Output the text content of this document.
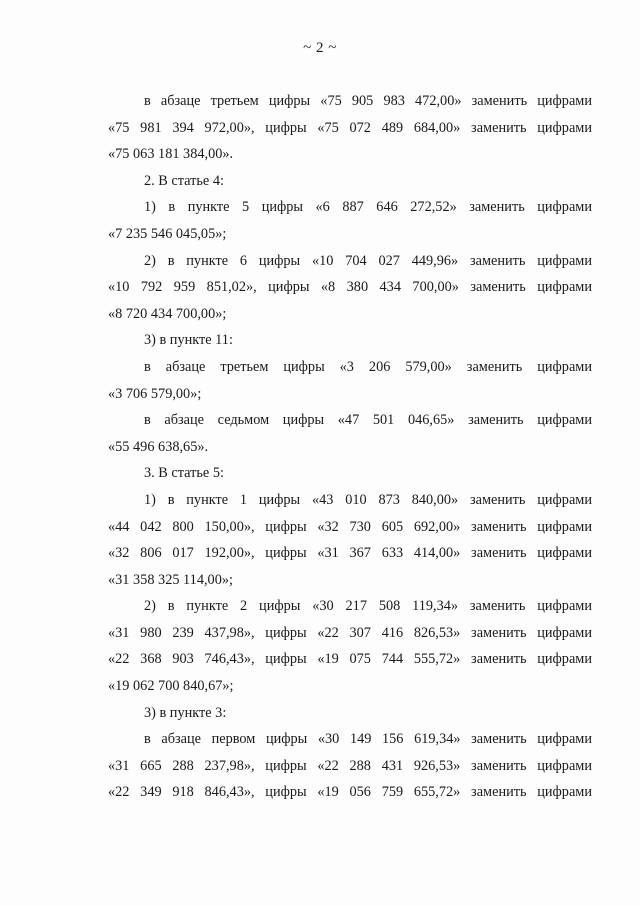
~ 2 ~
в абзаце третьем цифры «75 905 983 472,00» заменить цифрами
«75 981 394 972,00», цифры «75 072 489 684,00» заменить цифрами
«75 063 181 384,00».
2. В статье 4:
1) в пункте 5 цифры «6 887 646 272,52» заменить цифрами
«7 235 546 045,05»;
2) в пункте 6 цифры «10 704 027 449,96» заменить цифрами
«10 792 959 851,02», цифры «8 380 434 700,00» заменить цифрами
«8 720 434 700,00»;
3) в пункте 11:
в абзаце третьем цифры «3 206 579,00» заменить цифрами
«3 706 579,00»;
в абзаце седьмом цифры «47 501 046,65» заменить цифрами
«55 496 638,65».
3. В статье 5:
1) в пункте 1 цифры «43 010 873 840,00» заменить цифрами
«44 042 800 150,00», цифры «32 730 605 692,00» заменить цифрами
«32 806 017 192,00», цифры «31 367 633 414,00» заменить цифрами
«31 358 325 114,00»;
2) в пункте 2 цифры «30 217 508 119,34» заменить цифрами
«31 980 239 437,98», цифры «22 307 416 826,53» заменить цифрами
«22 368 903 746,43», цифры «19 075 744 555,72» заменить цифрами
«19 062 700 840,67»;
3) в пункте 3:
в абзаце первом цифры «30 149 156 619,34» заменить цифрами
«31 665 288 237,98», цифры «22 288 431 926,53» заменить цифрами
«22 349 918 846,43», цифры «19 056 759 655,72» заменить цифрами
